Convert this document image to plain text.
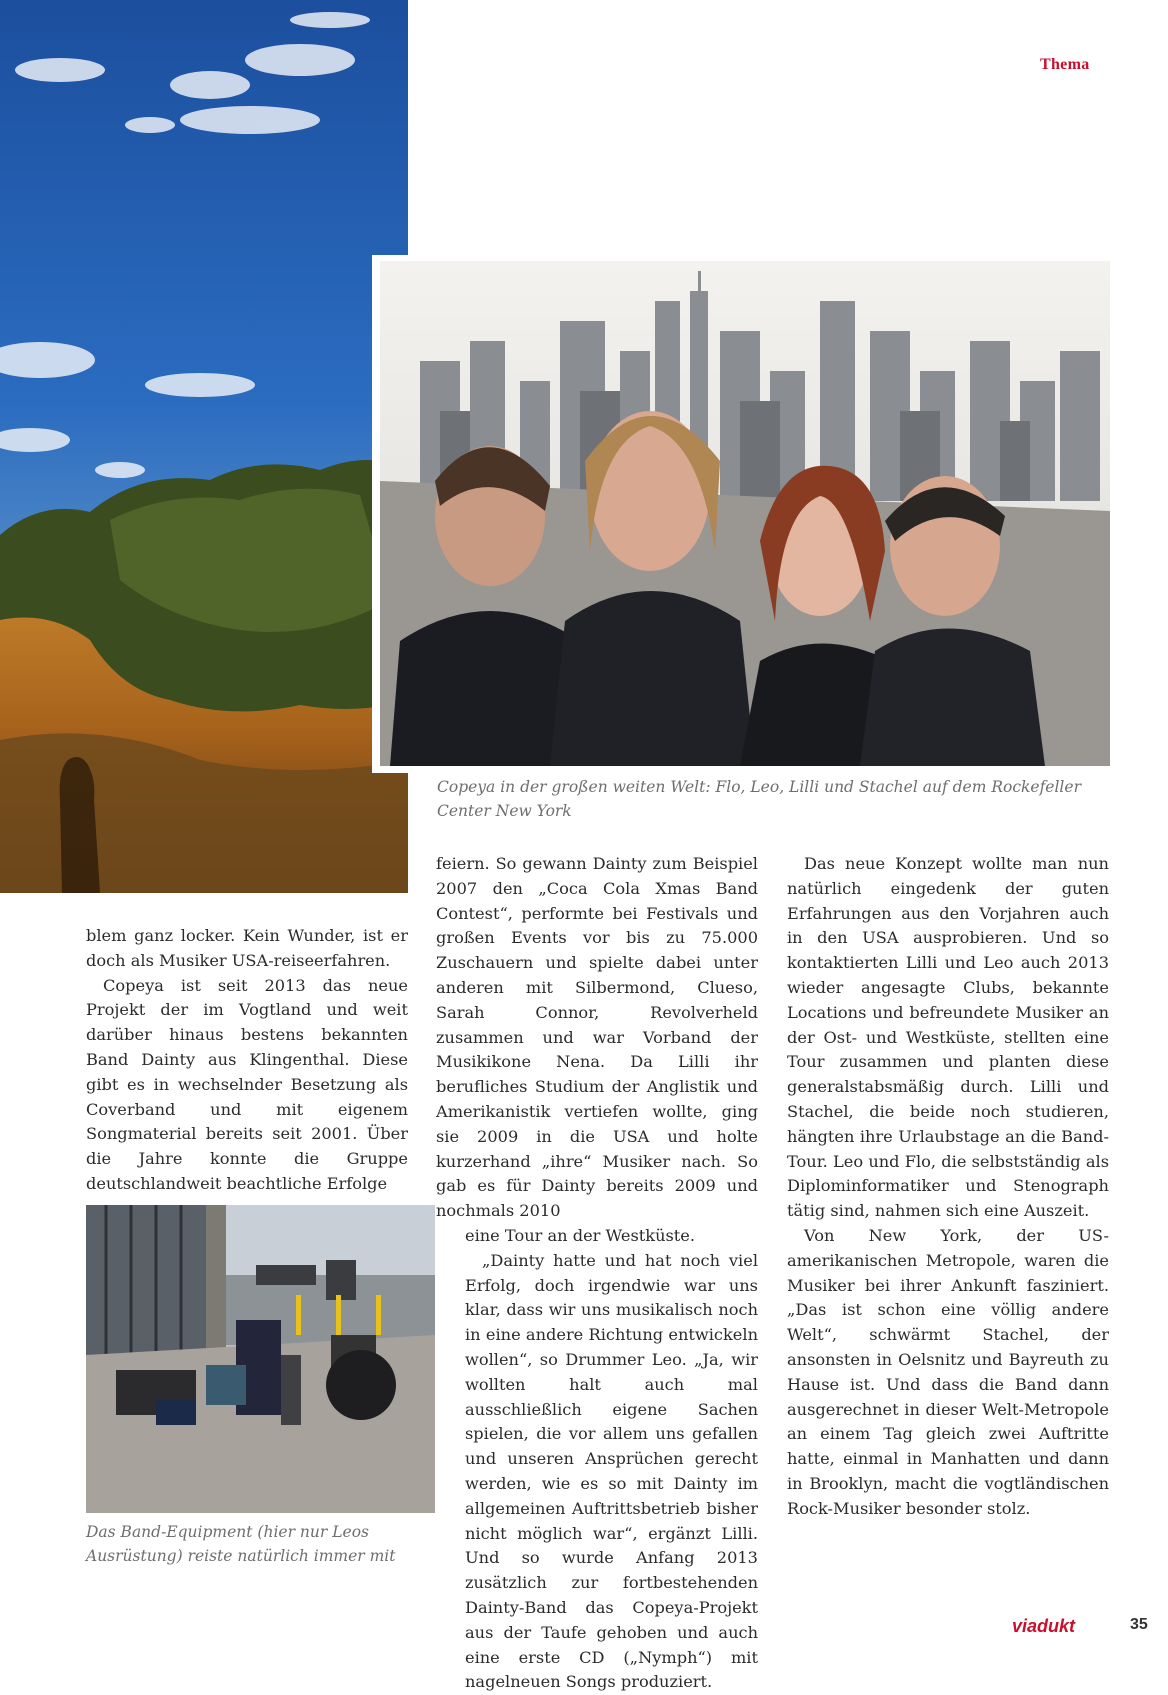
Thema
Copeya in der großen weiten Welt: Flo, Leo, Lilli und Stachel auf dem Rockefeller Center New York

blem ganz locker. Kein Wunder, ist er doch als Musiker USA-reiseerfahren.

Copeya ist seit 2013 das neue Projekt der im Vogtland und weit darüber hinaus bestens bekannten Band Dainty aus Klingenthal. Diese gibt es in wechselnder Besetzung als Coverband und mit eigenem Songmaterial bereits seit 2001. Über die Jahre konnte die Gruppe deutschlandweit beachtliche Erfolge

Das Band-Equipment (hier nur Leos Ausrüstung) reiste natürlich immer mit

feiern. So gewann Dainty zum Beispiel 2007 den „Coca Cola Xmas Band Contest“, performte bei Festivals und großen Events vor bis zu 75.000 Zuschauern und spielte dabei unter anderen mit Silbermond, Clueso, Sarah Connor, Revolverheld zusammen und war Vorband der Musikikone Nena. Da Lilli ihr berufliches Studium der Anglistik und Amerikanistik vertiefen wollte, ging sie 2009 in die USA und holte kurzerhand „ihre“ Musiker nach. So gab es für Dainty bereits 2009 und nochmals 2010

eine Tour an der Westküste.

„Dainty hatte und hat noch viel Erfolg, doch irgendwie war uns klar, dass wir uns musikalisch noch in eine andere Richtung entwickeln wollen“, so Drummer Leo. „Ja, wir wollten halt auch mal ausschließlich eigene Sachen spielen, die vor allem uns gefallen und unseren Ansprüchen gerecht werden, wie es so mit Dainty im allgemeinen Auftrittsbetrieb bisher nicht möglich war“, ergänzt Lilli. Und so wurde Anfang 2013 zusätzlich zur fortbestehenden Dainty-Band das Copeya-Projekt aus der Taufe gehoben und auch eine erste CD („Nymph“) mit nagelneuen Songs produziert.

Das neue Konzept wollte man nun natürlich eingedenk der guten Erfahrungen aus den Vorjahren auch in den USA ausprobieren. Und so kontaktierten Lilli und Leo auch 2013 wieder angesagte Clubs, bekannte Locations und befreundete Musiker an der Ost- und Westküste, stellten eine Tour zusammen und planten diese generalstabsmäßig durch. Lilli und Stachel, die beide noch studieren, hängten ihre Urlaubstage an die Band-Tour. Leo und Flo, die selbstständig als Diplominformatiker und Stenograph tätig sind, nahmen sich eine Auszeit.

Von New York, der US-amerikanischen Metropole, waren die Musiker bei ihrer Ankunft fasziniert. „Das ist schon eine völlig andere Welt“, schwärmt Stachel, der ansonsten in Oelsnitz und Bayreuth zu Hause ist. Und dass die Band dann ausgerechnet in dieser Welt-Metropole an einem Tag gleich zwei Auftritte hatte, einmal in Manhatten und dann in Brooklyn, macht die vogtländischen Rock-Musiker besonder stolz.

viadukt	35
